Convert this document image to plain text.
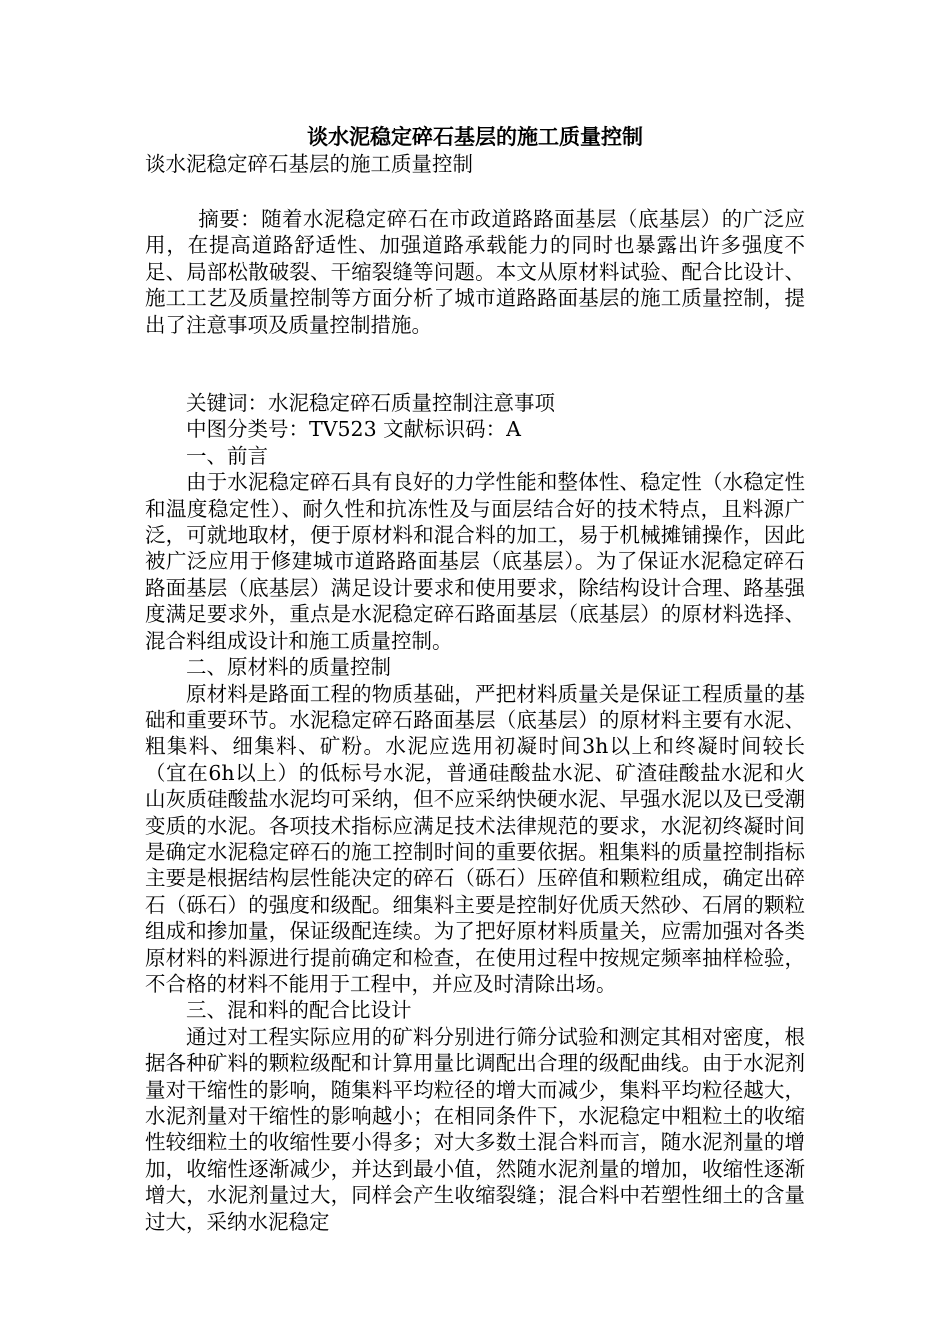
谈水泥稳定碎石基层的施工质量控制

谈水泥稳定碎石基层的施工质量控制

摘要：随着水泥稳定碎石在市政道路路面基层（底基层）的广泛应用，在提高道路舒适性、加强道路承载能力的同时也暴露出许多强度不足、局部松散破裂、干缩裂缝等问题。本文从原材料试验、配合比设计、施工工艺及质量控制等方面分析了城市道路路面基层的施工质量控制，提出了注意事项及质量控制措施。

关键词：水泥稳定碎石质量控制注意事项

中图分类号：TV523 文献标识码：A

一、前言

由于水泥稳定碎石具有良好的力学性能和整体性、稳定性（水稳定性和温度稳定性）、耐久性和抗冻性及与面层结合好的技术特点，且料源广泛，可就地取材，便于原材料和混合料的加工，易于机械摊铺操作，因此被广泛应用于修建城市道路路面基层（底基层）。为了保证水泥稳定碎石路面基层（底基层）满足设计要求和使用要求，除结构设计合理、路基强度满足要求外，重点是水泥稳定碎石路面基层（底基层）的原材料选择、混合料组成设计和施工质量控制。

二、原材料的质量控制

原材料是路面工程的物质基础，严把材料质量关是保证工程质量的基础和重要环节。水泥稳定碎石路面基层（底基层）的原材料主要有水泥、粗集料、细集料、矿粉。水泥应选用初凝时间3h以上和终凝时间较长（宜在6h以上）的低标号水泥，普通硅酸盐水泥、矿渣硅酸盐水泥和火山灰质硅酸盐水泥均可采纳，但不应采纳快硬水泥、早强水泥以及已受潮变质的水泥。各项技术指标应满足技术法律规范的要求，水泥初终凝时间是确定水泥稳定碎石的施工控制时间的重要依据。粗集料的质量控制指标主要是根据结构层性能决定的碎石（砾石）压碎值和颗粒组成，确定出碎石（砾石）的强度和级配。细集料主要是控制好优质天然砂、石屑的颗粒组成和掺加量，保证级配连续。为了把好原材料质量关，应需加强对各类原材料的料源进行提前确定和检查，在使用过程中按规定频率抽样检验，不合格的材料不能用于工程中，并应及时清除出场。

三、混和料的配合比设计

通过对工程实际应用的矿料分别进行筛分试验和测定其相对密度，根据各种矿料的颗粒级配和计算用量比调配出合理的级配曲线。由于水泥剂量对干缩性的影响，随集料平均粒径的增大而减少，集料平均粒径越大，水泥剂量对干缩性的影响越小；在相同条件下，水泥稳定中粗粒土的收缩性较细粒土的收缩性要小得多；对大多数土混合料而言，随水泥剂量的增加，收缩性逐渐减少，并达到最小值，然随水泥剂量的增加，收缩性逐渐增大，水泥剂量过大，同样会产生收缩裂缝；混合料中若塑性细土的含量过大，采纳水泥稳定
